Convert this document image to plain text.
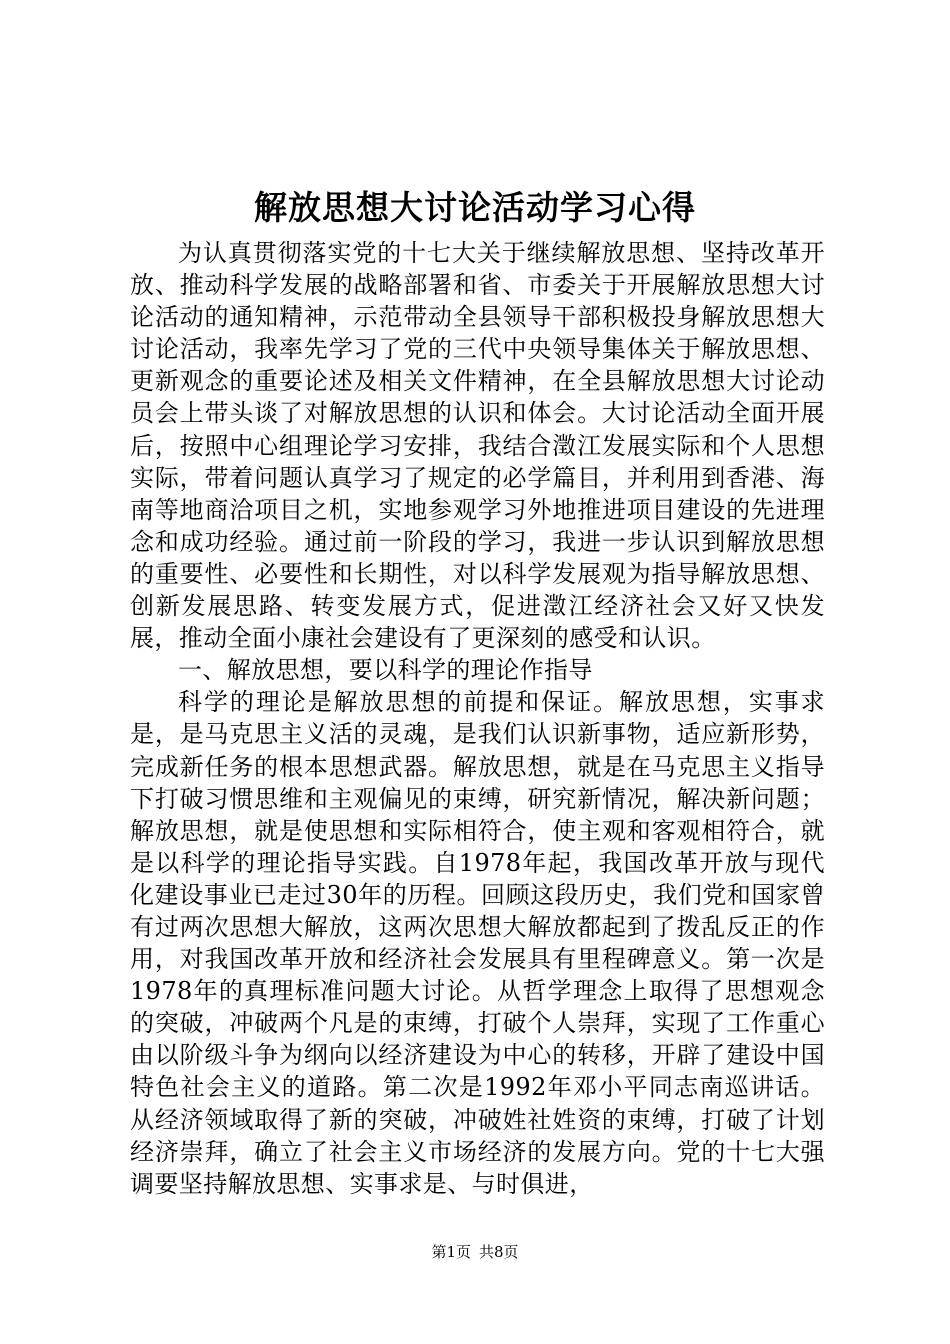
解放思想大讨论活动学习心得

为认真贯彻落实党的十七大关于继续解放思想、坚持改革开放、推动科学发展的战略部署和省、市委关于开展解放思想大讨论活动的通知精神，示范带动全县领导干部积极投身解放思想大讨论活动，我率先学习了党的三代中央领导集体关于解放思想、更新观念的重要论述及相关文件精神，在全县解放思想大讨论动员会上带头谈了对解放思想的认识和体会。大讨论活动全面开展后，按照中心组理论学习安排，我结合澂江发展实际和个人思想实际，带着问题认真学习了规定的必学篇目，并利用到香港、海南等地商洽项目之机，实地参观学习外地推进项目建设的先进理念和成功经验。通过前一阶段的学习，我进一步认识到解放思想的重要性、必要性和长期性，对以科学发展观为指导解放思想、创新发展思路、转变发展方式，促进澂江经济社会又好又快发展，推动全面小康社会建设有了更深刻的感受和认识。

一、解放思想，要以科学的理论作指导

科学的理论是解放思想的前提和保证。解放思想，实事求是，是马克思主义活的灵魂，是我们认识新事物，适应新形势，完成新任务的根本思想武器。解放思想，就是在马克思主义指导下打破习惯思维和主观偏见的束缚，研究新情况，解决新问题；解放思想，就是使思想和实际相符合，使主观和客观相符合，就是以科学的理论指导实践。自1978年起，我国改革开放与现代化建设事业已走过30年的历程。回顾这段历史，我们党和国家曾有过两次思想大解放，这两次思想大解放都起到了拨乱反正的作用，对我国改革开放和经济社会发展具有里程碑意义。第一次是1978年的真理标准问题大讨论。从哲学理念上取得了思想观念的突破，冲破两个凡是的束缚，打破个人崇拜，实现了工作重心由以阶级斗争为纲向以经济建设为中心的转移，开辟了建设中国特色社会主义的道路。第二次是1992年邓小平同志南巡讲话。从经济领域取得了新的突破，冲破姓社姓资的束缚，打破了计划经济崇拜，确立了社会主义市场经济的发展方向。党的十七大强调要坚持解放思想、实事求是、与时俱进，

第1页 共8页
